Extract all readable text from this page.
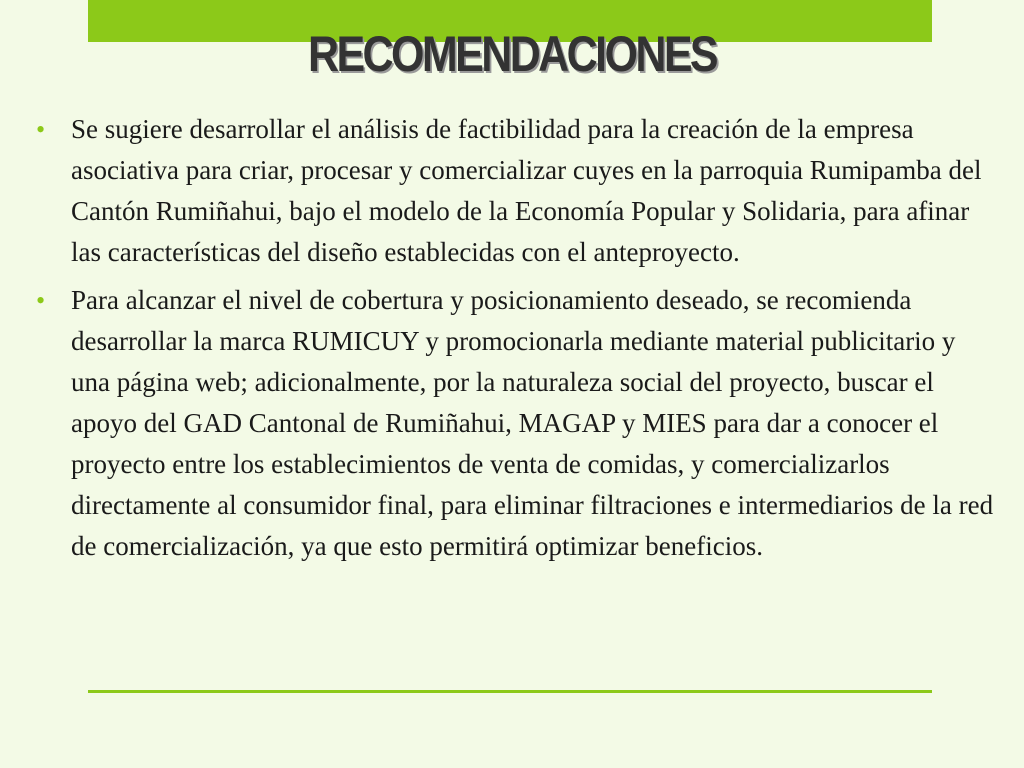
RECOMENDACIONES
• Se sugiere desarrollar el análisis de factibilidad para la creación de la empresa asociativa para criar, procesar y comercializar cuyes en la parroquia Rumipamba del Cantón Rumiñahui, bajo el modelo de la Economía Popular y Solidaria, para afinar las características del diseño establecidas con el anteproyecto.
• Para alcanzar el nivel de cobertura y posicionamiento deseado, se recomienda desarrollar la marca RUMICUY y promocionarla mediante material publicitario y una página web; adicionalmente, por la naturaleza social del proyecto, buscar el apoyo del GAD Cantonal de Rumiñahui, MAGAP y MIES para dar a conocer el proyecto entre los establecimientos de venta de comidas, y comercializarlos directamente al consumidor final, para eliminar filtraciones e intermediarios de la red de comercialización, ya que esto permitirá optimizar beneficios.
